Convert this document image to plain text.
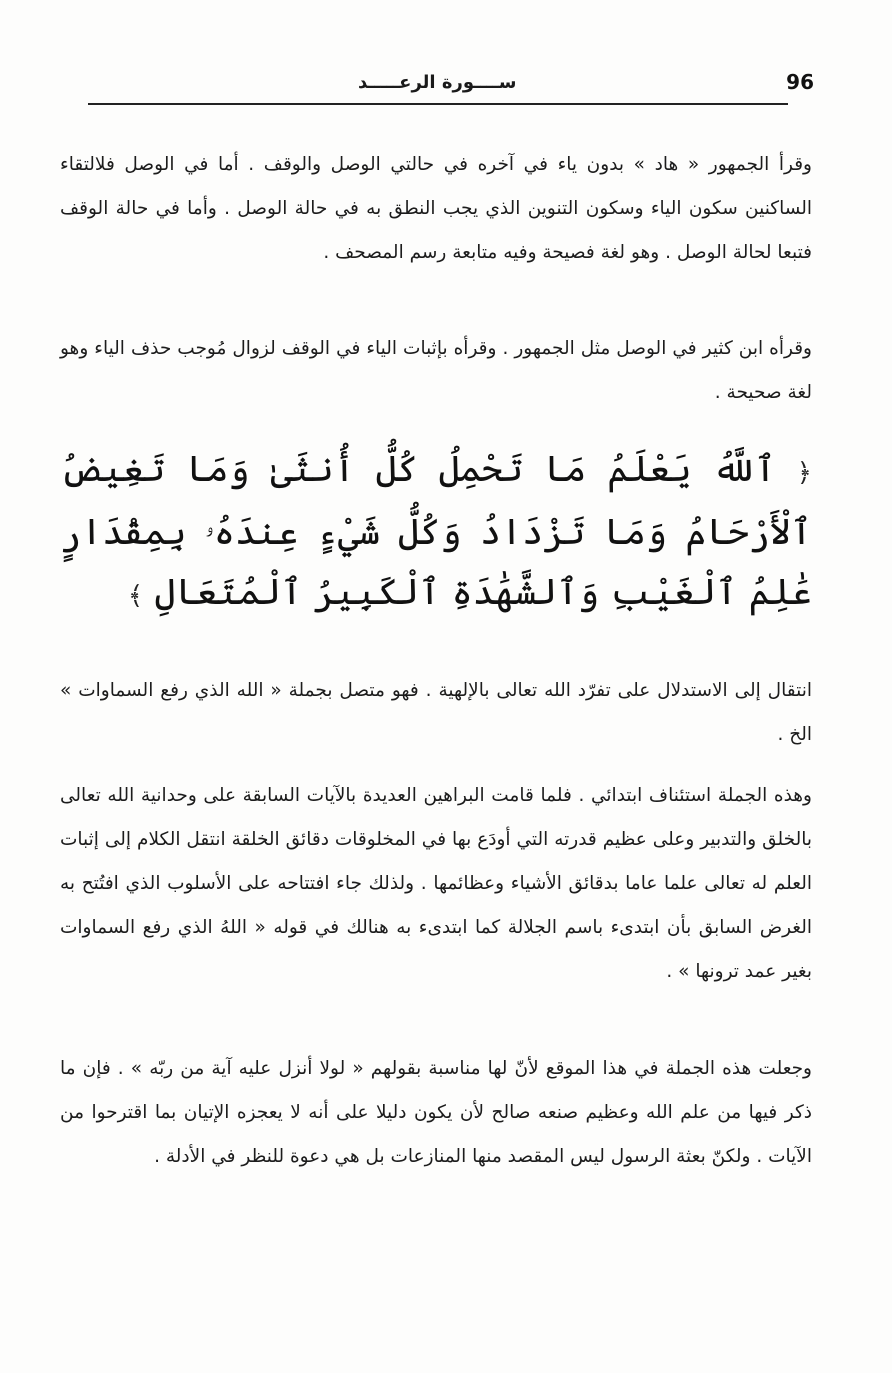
96
ســــورة الرعـــــد

وقرأ الجمهور « هاد » بدون ياء في آخره في حالتي الوصل والوقف . أما في الوصل فلالتقاء الساكنين سكون الياء وسكون التنوين الذي يجب النطق به في حالة الوصل . وأما في حالة الوقف فتبعا لحالة الوصل . وهو لغة فصيحة وفيه متابعة رسم المصحف .

وقرأه ابن كثير في الوصل مثل الجمهور . وقرأه بإثبات الياء في الوقف لزوال مُوجب حذف الياء وهو لغة صحيحة .

﴿ ٱللَّهُ يَعْلَمُ مَا تَحْمِلُ كُلُّ أُنثَىٰ وَمَا تَغِيضُ ٱلْأَرْحَامُ وَمَا تَزْدَادُ وَكُلُّ شَيْءٍ عِندَهُۥ بِمِقْدَارٍ عَٰلِمُ ٱلْغَيْبِ وَٱلشَّهَٰدَةِ ٱلْكَبِيرُ ٱلْمُتَعَالِ ﴾

انتقال إلى الاستدلال على تفرّد الله تعالى بالإلهية . فهو متصل بجملة « الله الذي رفع السماوات » الخ .

وهذه الجملة استئناف ابتدائي . فلما قامت البراهين العديدة بالآيات السابقة على وحدانية الله تعالى بالخلق والتدبير وعلى عظيم قدرته التي أودَع بها في المخلوقات دقائق الخلقة انتقل الكلام إلى إثبات العلم له تعالى علما عاما بدقائق الأشياء وعظائمها . ولذلك جاء افتتاحه على الأسلوب الذي افتُتح به الغرض السابق بأن ابتدىء باسم الجلالة كما ابتدىء به هنالك في قوله « اللهُ الذي رفع السماوات بغير عمد ترونها » .

وجعلت هذه الجملة في هذا الموقع لأنّ لها مناسبة بقولهم « لولا أنزل عليه آية من ربّه » . فإن ما ذكر فيها من علم الله وعظيم صنعه صالح لأن يكون دليلا على أنه لا يعجزه الإتيان بما اقترحوا من الآيات . ولكنّ بعثة الرسول ليس المقصد منها المنازعات بل هي دعوة للنظر في الأدلة .
